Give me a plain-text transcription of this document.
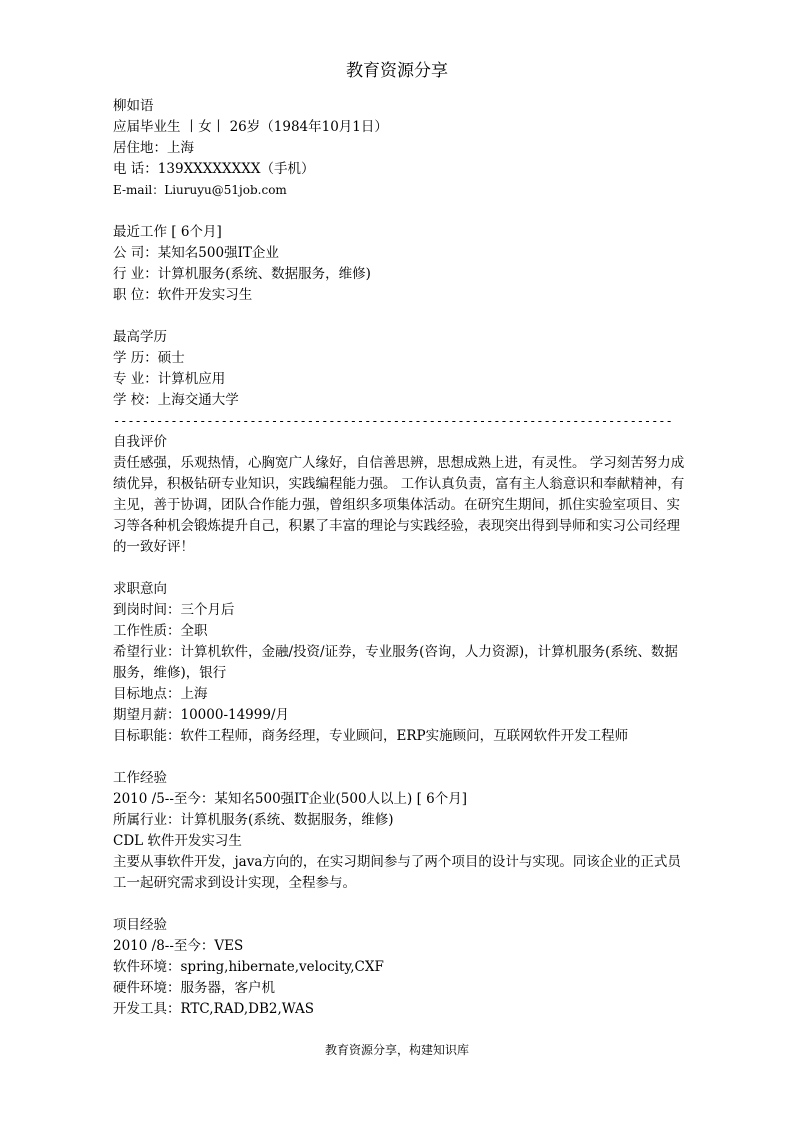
教育资源分享
柳如语
应届毕业生 丨女丨 26岁（1984年10月1日）
居住地：上海
电 话：139XXXXXXXX（手机）
E-mail：Liuruyu@51job.com
最近工作 [ 6个月]
公 司：某知名500强IT企业
行 业：计算机服务(系统、数据服务，维修)
职 位：软件开发实习生
最高学历
学 历：硕士
专 业：计算机应用
学 校：上海交通大学
------------------------------------------------------------------------------
自我评价
责任感强，乐观热情，心胸宽广人缘好，自信善思辨，思想成熟上进，有灵性。 学习刻苦努力成绩优异，积极钻研专业知识，实践编程能力强。 工作认真负责，富有主人翁意识和奉献精神，有主见，善于协调，团队合作能力强，曾组织多项集体活动。在研究生期间，抓住实验室项目、实习等各种机会锻炼提升自己，积累了丰富的理论与实践经验，表现突出得到导师和实习公司经理的一致好评！
求职意向
到岗时间：三个月后
工作性质：全职
希望行业：计算机软件，金融/投资/证券，专业服务(咨询，人力资源)，计算机服务(系统、数据服务，维修)，银行
目标地点：上海
期望月薪：10000-14999/月
目标职能：软件工程师，商务经理，专业顾问，ERP实施顾问，互联网软件开发工程师
工作经验
2010 /5--至今：某知名500强IT企业(500人以上) [ 6个月]
所属行业：计算机服务(系统、数据服务，维修)
CDL 软件开发实习生
主要从事软件开发，java方向的，在实习期间参与了两个项目的设计与实现。同该企业的正式员工一起研究需求到设计实现，全程参与。
项目经验
2010 /8--至今：VES
软件环境：spring,hibernate,velocity,CXF
硬件环境：服务器，客户机
开发工具：RTC,RAD,DB2,WAS
教育资源分享，构建知识库
